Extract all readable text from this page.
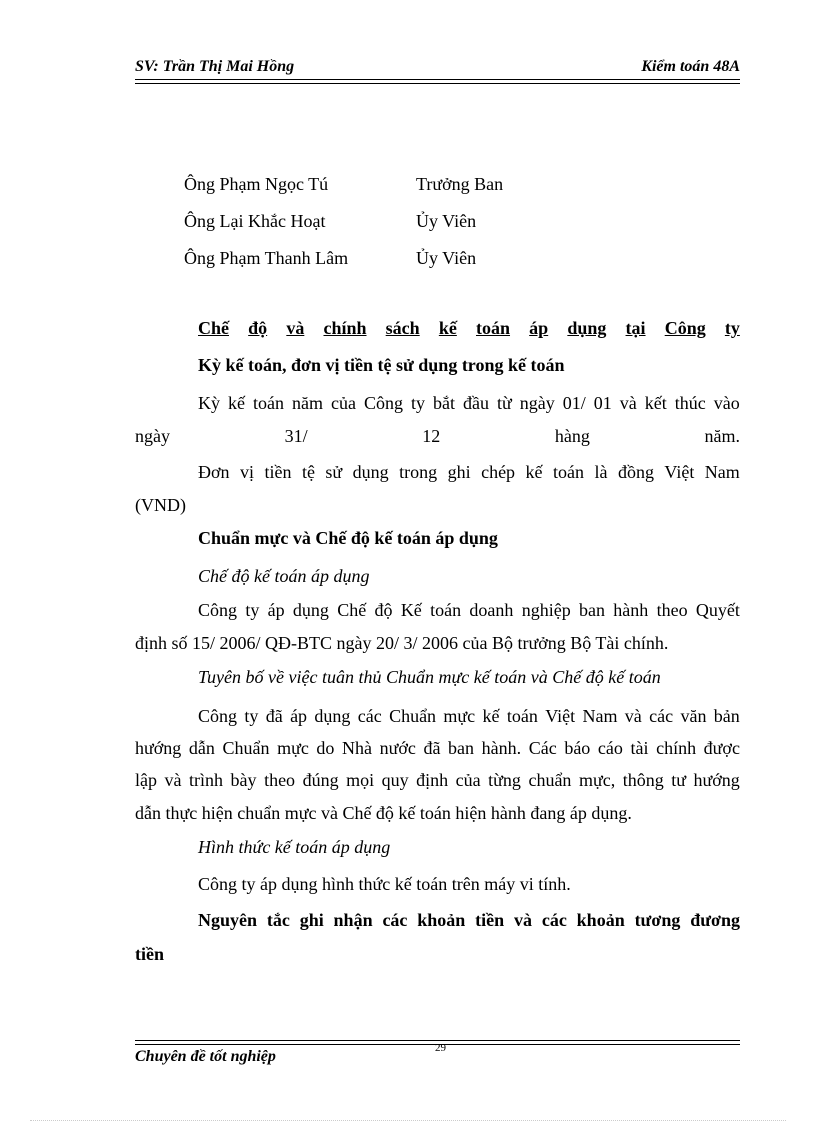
SV: Trần Thị Mai Hồng	Kiểm toán 48A
Ông Phạm Ngọc Tú	Trưởng Ban
Ông Lại Khắc Hoạt	Ủy Viên
Ông Phạm Thanh Lâm	Ủy Viên
Chế độ và chính sách kế toán áp dụng tại Công ty
Kỳ kế toán, đơn vị tiền tệ sử dụng trong kế toán
Kỳ kế toán năm của Công ty bắt đầu từ ngày 01/ 01 và kết thúc vào
ngày	31/	12	hàng	năm.
Đơn vị tiền tệ sử dụng trong ghi chép kế toán là đồng Việt Nam
(VND)
Chuẩn mực và Chế độ kế toán áp dụng
Chế độ kế toán áp dụng
Công ty áp dụng Chế độ Kế toán doanh nghiệp ban hành theo Quyết
định số 15/ 2006/ QĐ-BTC ngày 20/ 3/ 2006 của Bộ trưởng Bộ Tài chính.
Tuyên bố về việc tuân thủ Chuẩn mực kế toán và Chế độ kế toán
Công ty đã áp dụng các Chuẩn mực kế toán Việt Nam và các văn bản
hướng dẫn Chuẩn mực do Nhà nước đã ban hành. Các báo cáo tài chính được
lập và trình bày theo đúng mọi quy định của từng chuẩn mực, thông tư hướng
dẫn thực hiện chuẩn mực và Chế độ kế toán hiện hành đang áp dụng.
Hình thức kế toán áp dụng
Công ty áp dụng hình thức kế toán trên máy vi tính.
Nguyên tắc ghi nhận các khoản tiền và các khoản tương đương
tiền
Chuyên đề tốt nghiệp	29
